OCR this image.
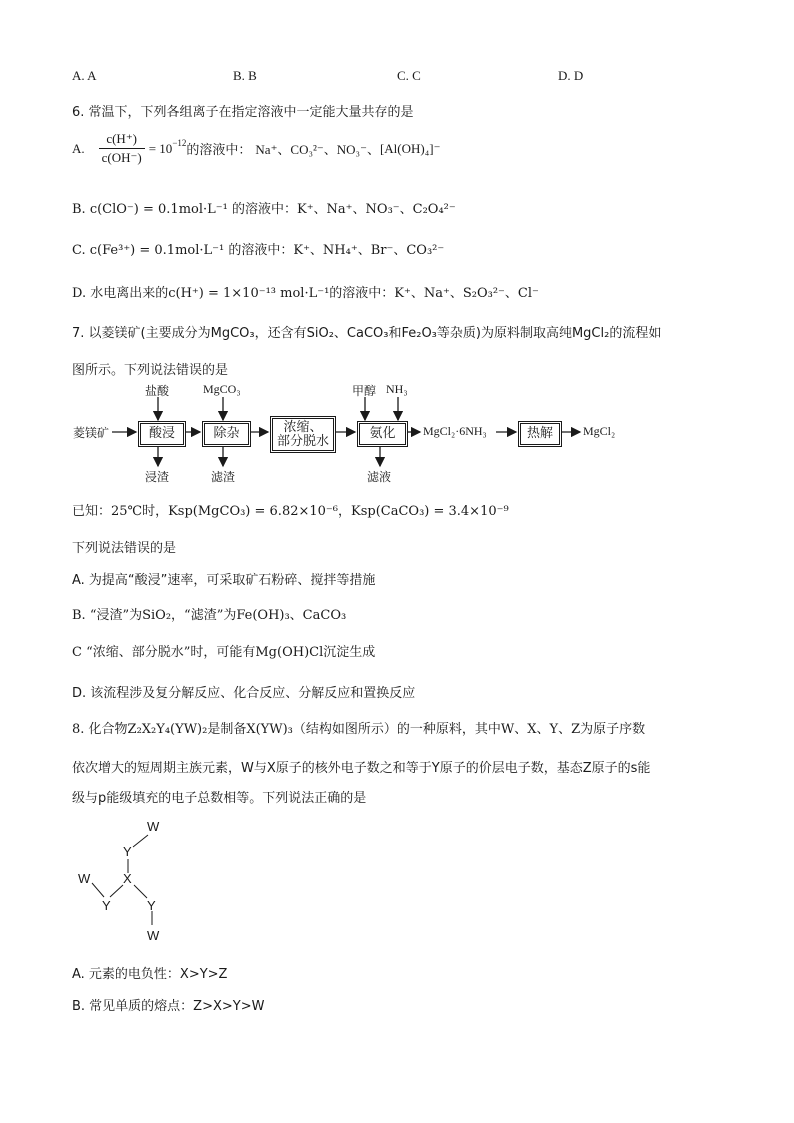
A. A	B. B	C. C	D. D
6. 常温下，下列各组离子在指定溶液中一定能大量共存的是
A. $\frac{c(H^+)}{c(OH^-)} = 10^{-12}$
的溶液中： Na⁺、CO₃²⁻、NO₃⁻、 [Al(OH)₄]⁻
B. c(ClO⁻) = 0.1mol·L⁻¹ 的溶液中：K⁺、Na⁺、NO₃⁻、C₂O₄²⁻
C. c(Fe³⁺) = 0.1mol·L⁻¹ 的溶液中：K⁺、NH₄⁺、Br⁻、CO₃²⁻
D. 水电离出来的c(H⁺) = 1×10⁻¹³ mol·L⁻¹的溶液中：K⁺、Na⁺、S₂O₃²⁻、Cl⁻
7. 以菱镁矿(主要成分为MgCO₃，还含有SiO₂、CaCO₃和Fe₂O₃等杂质)为原料制取高纯MgCl₂的流程如
图所示。下列说法错误的是
菱镁矿
盐酸
酸浸
浸渣
MgCO₃
除杂
滤渣
浓缩、
部分脱水
甲醇 NH₃
氨化
滤液
MgCl₂·6NH₃	热解	MgCl₂
已知：25℃时，Ksp(MgCO₃) = 6.82×10⁻⁶，Ksp(CaCO₃) = 3.4×10⁻⁹
下列说法错误的是
A. 为提高“酸浸”速率，可采取矿石粉碎、搅拌等措施
B. “浸渣”为SiO₂，“滤渣”为Fe(OH)₃、CaCO₃
C “浓缩、部分脱水”时，可能有Mg(OH)Cl沉淀生成
D. 该流程涉及复分解反应、化合反应、分解反应和置换反应
8. 化合物Z₂X₂Y₄(YW)₂是制备X(YW)₃（结构如图所示）的一种原料，其中W、X、Y、Z为原子序数
依次增大的短周期主族元素，W与X原子的核外电子数之和等于Y原子的价层电子数，基态Z原子的s能
级与p能级填充的电子总数相等。下列说法正确的是
W
Y
X
W
Y	Y
W
A. 元素的电负性：X>Y>Z
B. 常见单质的熔点：Z>X>Y>W
